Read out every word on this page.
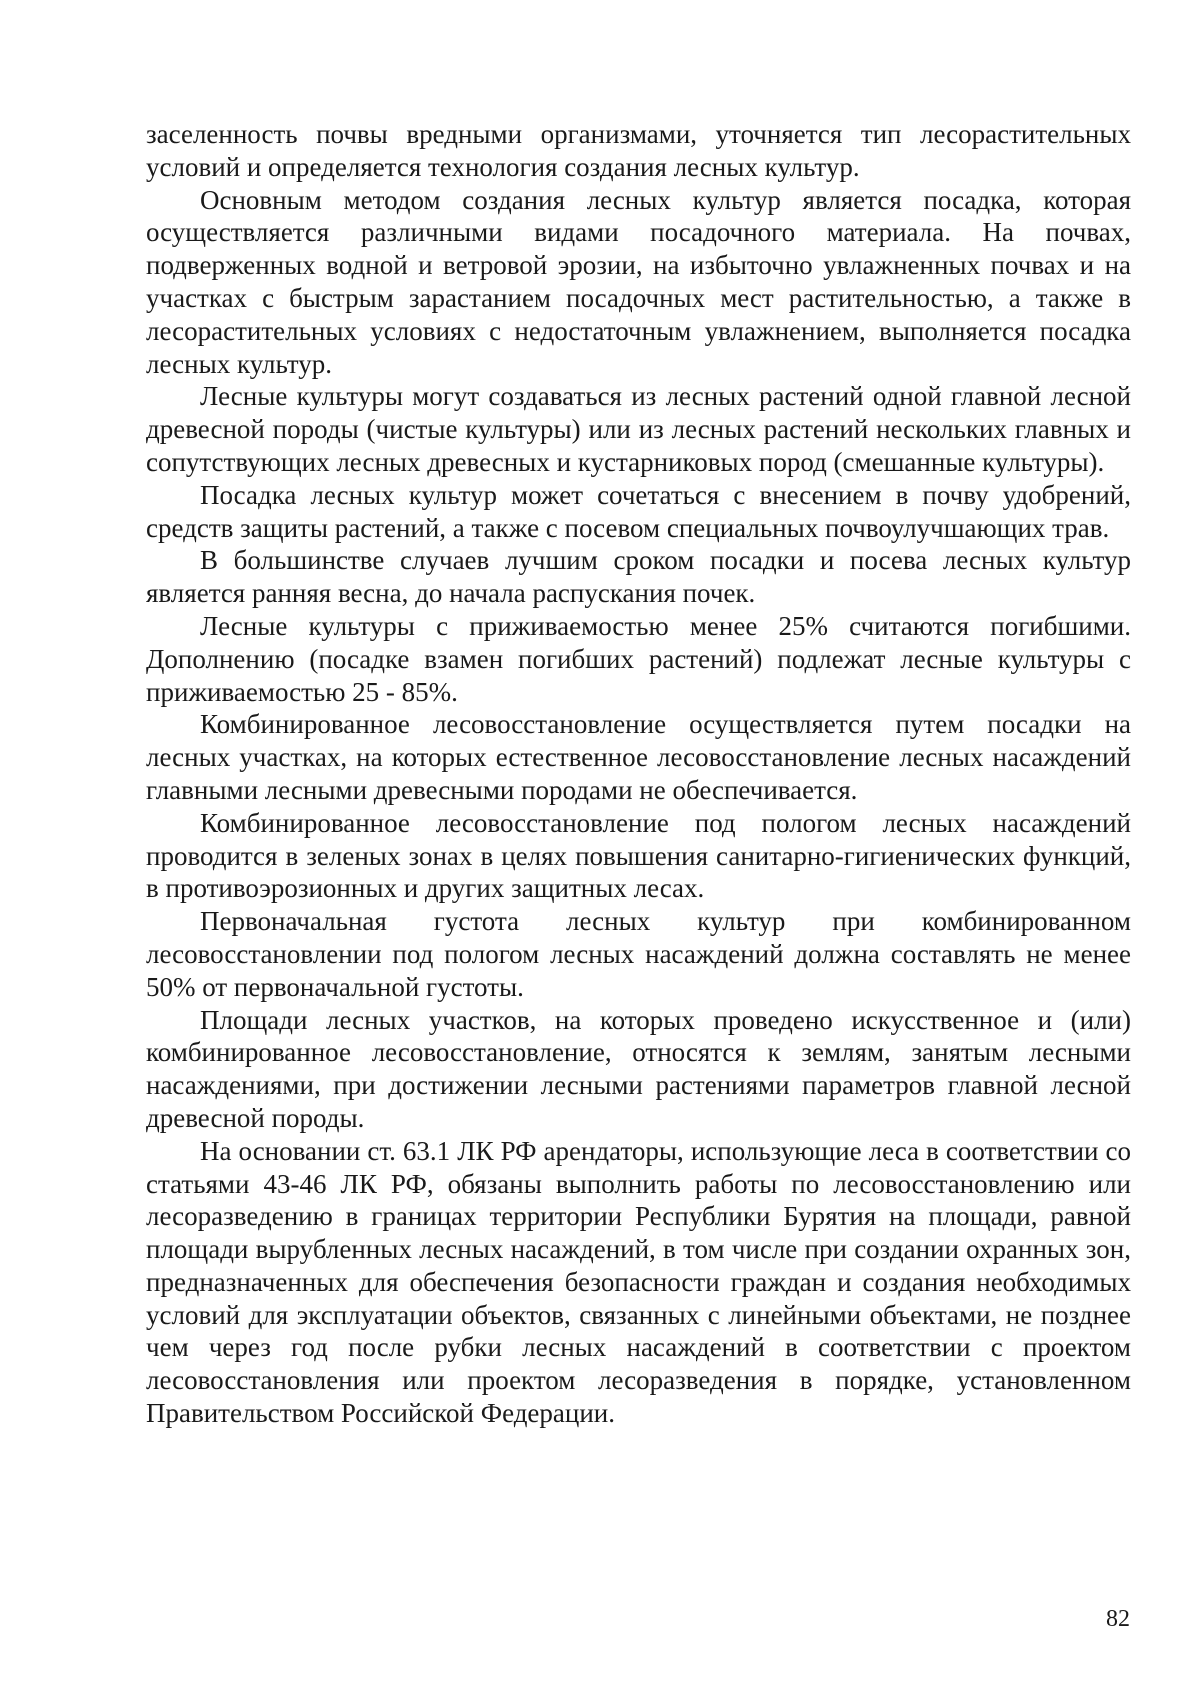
заселенность почвы вредными организмами, уточняется тип лесорастительных условий и определяется технология создания лесных культур.

Основным методом создания лесных культур является посадка, которая осуществляется различными видами посадочного материала. На почвах, подверженных водной и ветровой эрозии, на избыточно увлажненных почвах и на участках с быстрым зарастанием посадочных мест растительностью, а также в лесорастительных условиях с недостаточным увлажнением, выполняется посадка лесных культур.

Лесные культуры могут создаваться из лесных растений одной главной лесной древесной породы (чистые культуры) или из лесных растений нескольких главных и сопутствующих лесных древесных и кустарниковых пород (смешанные культуры).

Посадка лесных культур может сочетаться с внесением в почву удобрений, средств защиты растений, а также с посевом специальных почвоулучшающих трав.

В большинстве случаев лучшим сроком посадки и посева лесных культур является ранняя весна, до начала распускания почек.

Лесные культуры с приживаемостью менее 25% считаются погибшими. Дополнению (посадке взамен погибших растений) подлежат лесные культуры с приживаемостью 25 - 85%.

Комбинированное лесовосстановление осуществляется путем посадки на лесных участках, на которых естественное лесовосстановление лесных насаждений главными лесными древесными породами не обеспечивается.

Комбинированное лесовосстановление под пологом лесных насаждений проводится в зеленых зонах в целях повышения санитарно-гигиенических функций, в противоэрозионных и других защитных лесах.

Первоначальная густота лесных культур при комбинированном лесовосстановлении под пологом лесных насаждений должна составлять не менее 50% от первоначальной густоты.

Площади лесных участков, на которых проведено искусственное и (или) комбинированное лесовосстановление, относятся к землям, занятым лесными насаждениями, при достижении лесными растениями параметров главной лесной древесной породы.

На основании ст. 63.1 ЛК РФ арендаторы, использующие леса в соответствии со статьями 43-46 ЛК РФ, обязаны выполнить работы по лесовосстановлению или лесоразведению в границах территории Республики Бурятия на площади, равной площади вырубленных лесных насаждений, в том числе при создании охранных зон, предназначенных для обеспечения безопасности граждан и создания необходимых условий для эксплуатации объектов, связанных с линейными объектами, не позднее чем через год после рубки лесных насаждений в соответствии с проектом лесовосстановления или проектом лесоразведения в порядке, установленном Правительством Российской Федерации.

82
